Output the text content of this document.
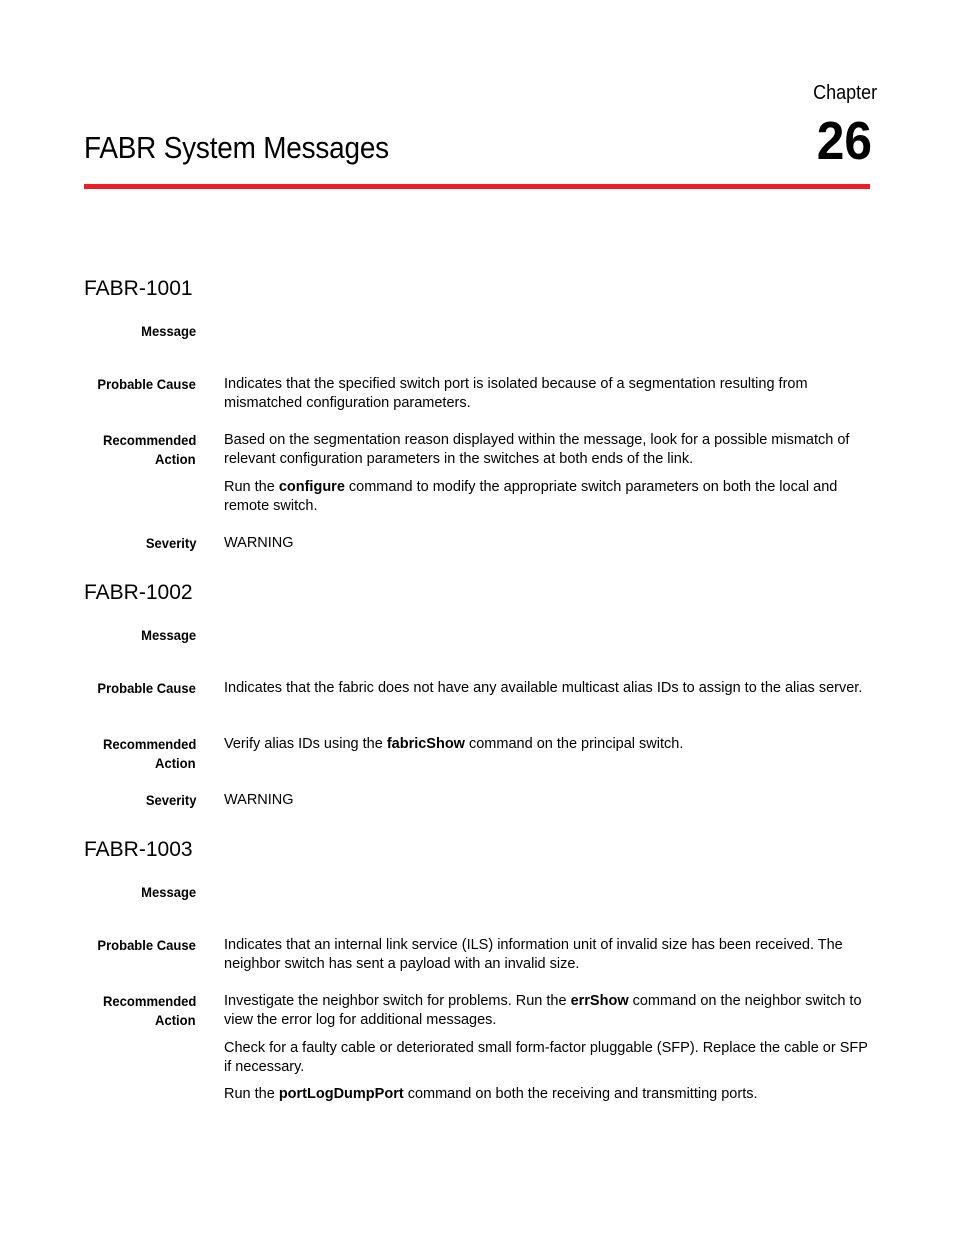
Chapter
26
FABR System Messages
FABR-1001
Message
Probable Cause Indicates that the specified switch port is isolated because of a segmentation resulting from mismatched configuration parameters.

Recommended
Action

Based on the segmentation reason displayed within the message, look for a possible mismatch of relevant configuration parameters in the switches at both ends of the link.

Run the configure command to modify the appropriate switch parameters on both the local and remote switch.

Severity WARNING

FABR-1002
Message
Probable Cause Indicates that the fabric does not have any available multicast alias IDs to assign to the alias server.

Recommended
Action

Verify alias IDs using the fabricShow command on the principal switch.

Severity WARNING

FABR-1003
Message
Probable Cause Indicates that an internal link service (ILS) information unit of invalid size has been received. The neighbor switch has sent a payload with an invalid size.

Recommended
Action

Investigate the neighbor switch for problems. Run the errShow command on the neighbor switch to view the error log for additional messages.

Check for a faulty cable or deteriorated small form-factor pluggable (SFP). Replace the cable or SFP if necessary.

Run the portLogDumpPort command on both the receiving and transmitting ports.
